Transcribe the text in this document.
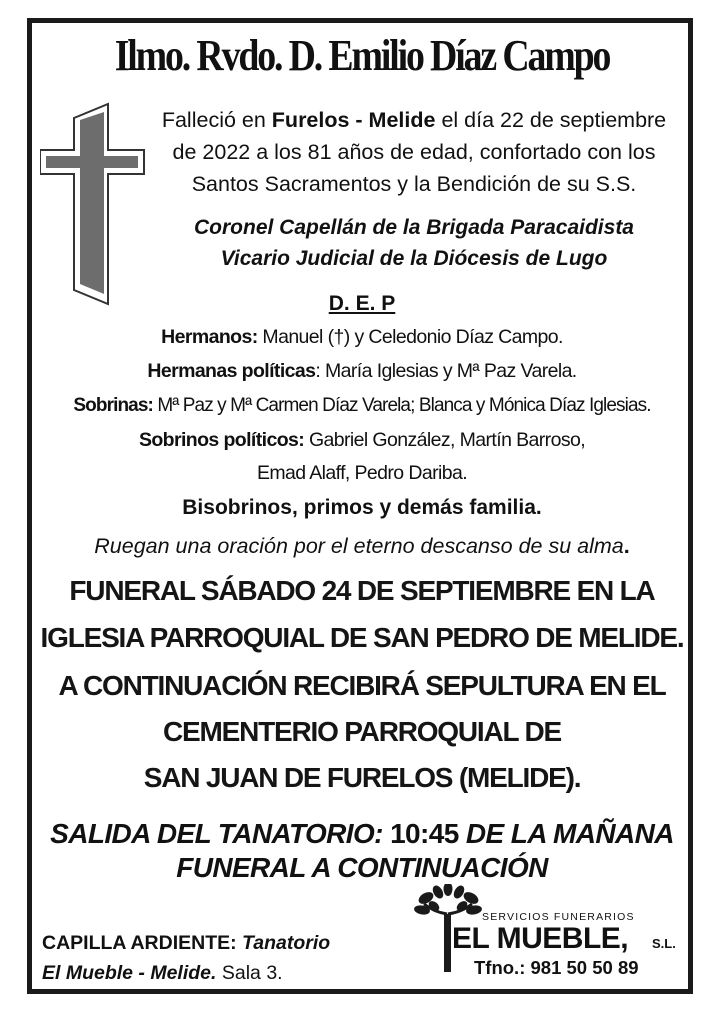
Ilmo. Rvdo. D. Emilio Díaz Campo
Falleció en Furelos - Melide el día 22 de septiembre
de 2022 a los 81 años de edad, confortado con los
Santos Sacramentos y la Bendición de su S.S.
Coronel Capellán de la Brigada Paracaidista
Vicario Judicial de la Diócesis de Lugo
D. E. P
Hermanos: Manuel (†) y Celedonio Díaz Campo.
Hermanas políticas: María Iglesias y Mª Paz Varela.
Sobrinas: Mª Paz y Mª Carmen Díaz Varela; Blanca y Mónica Díaz Iglesias.
Sobrinos políticos: Gabriel González, Martín Barroso,
Emad Alaff, Pedro Dariba.
Bisobrinos, primos y demás familia.
Ruegan una oración por el eterno descanso de su alma.
FUNERAL SÁBADO 24 DE SEPTIEMBRE EN LA
IGLESIA PARROQUIAL DE SAN PEDRO DE MELIDE.
A CONTINUACIÓN RECIBIRÁ SEPULTURA EN EL
CEMENTERIO PARROQUIAL DE
SAN JUAN DE FURELOS (MELIDE).
SALIDA DEL TANATORIO: 10:45 DE LA MAÑANA
FUNERAL A CONTINUACIÓN
CAPILLA ARDIENTE: Tanatorio
El Mueble - Melide. Sala 3.
SERVICIOS FUNERARIOS
EL MUEBLE, S.L.
Tfno.: 981 50 50 89
